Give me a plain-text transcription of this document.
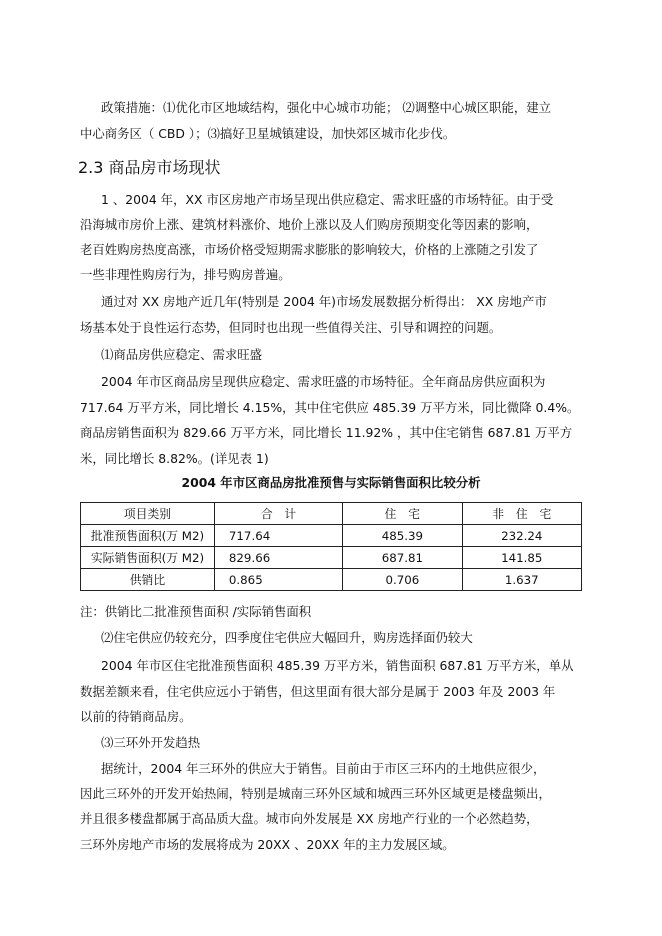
政策措施：⑴优化市区地域结构，强化中心城市功能； ⑵调整中心城区职能，建立
中心商务区（ CBD ）；⑶搞好卫星城镇建设，加快郊区城市化步伐。
2.3 商品房市场现状
1 、2004 年，XX 市区房地产市场呈现出供应稳定、需求旺盛的市场特征。由于受
沿海城市房价上涨、建筑材料涨价、地价上涨以及人们购房预期变化等因素的影响，
老百姓购房热度高涨，市场价格受短期需求膨胀的影响较大，价格的上涨随之引发了
一些非理性购房行为，排号购房普遍。
通过对 XX 房地产近几年(特别是 2004 年)市场发展数据分析得出： XX 房地产市
场基本处于良性运行态势，但同时也出现一些值得关注、引导和调控的问题。
⑴商品房供应稳定、需求旺盛
2004 年市区商品房呈现供应稳定、需求旺盛的市场特征。全年商品房供应面积为
717.64 万平方米，同比增长 4.15%，其中住宅供应 485.39 万平方米，同比微降 0.4%。
商品房销售面积为 829.66 万平方米，同比增长 11.92% ，其中住宅销售 687.81 万平方
米，同比增长 8.82%。(详见表 1)
2004 年市区商品房批准预售与实际销售面积比较分析
项目类别	合　计	住　宅	非　住　宅
批准预售面积(万 M2)	717.64	485.39	232.24
实际销售面积(万 M2)	829.66	687.81	141.85
供销比	0.865	0.706	1.637
注：供销比二批准预售面积 /实际销售面积
⑵住宅供应仍较充分，四季度住宅供应大幅回升，购房选择面仍较大
2004 年市区住宅批准预售面积 485.39 万平方米，销售面积 687.81 万平方米，单从
数据差额来看，住宅供应远小于销售，但这里面有很大部分是属于 2003 年及 2003 年
以前的待销商品房。
⑶三环外开发趋热
据统计，2004 年三环外的供应大于销售。目前由于市区三环内的土地供应很少，
因此三环外的开发开始热闹，特别是城南三环外区域和城西三环外区域更是楼盘频出，
并且很多楼盘都属于高品质大盘。城市向外发展是 XX 房地产行业的一个必然趋势，
三环外房地产市场的发展将成为 20XX 、20XX 年的主力发展区域。
